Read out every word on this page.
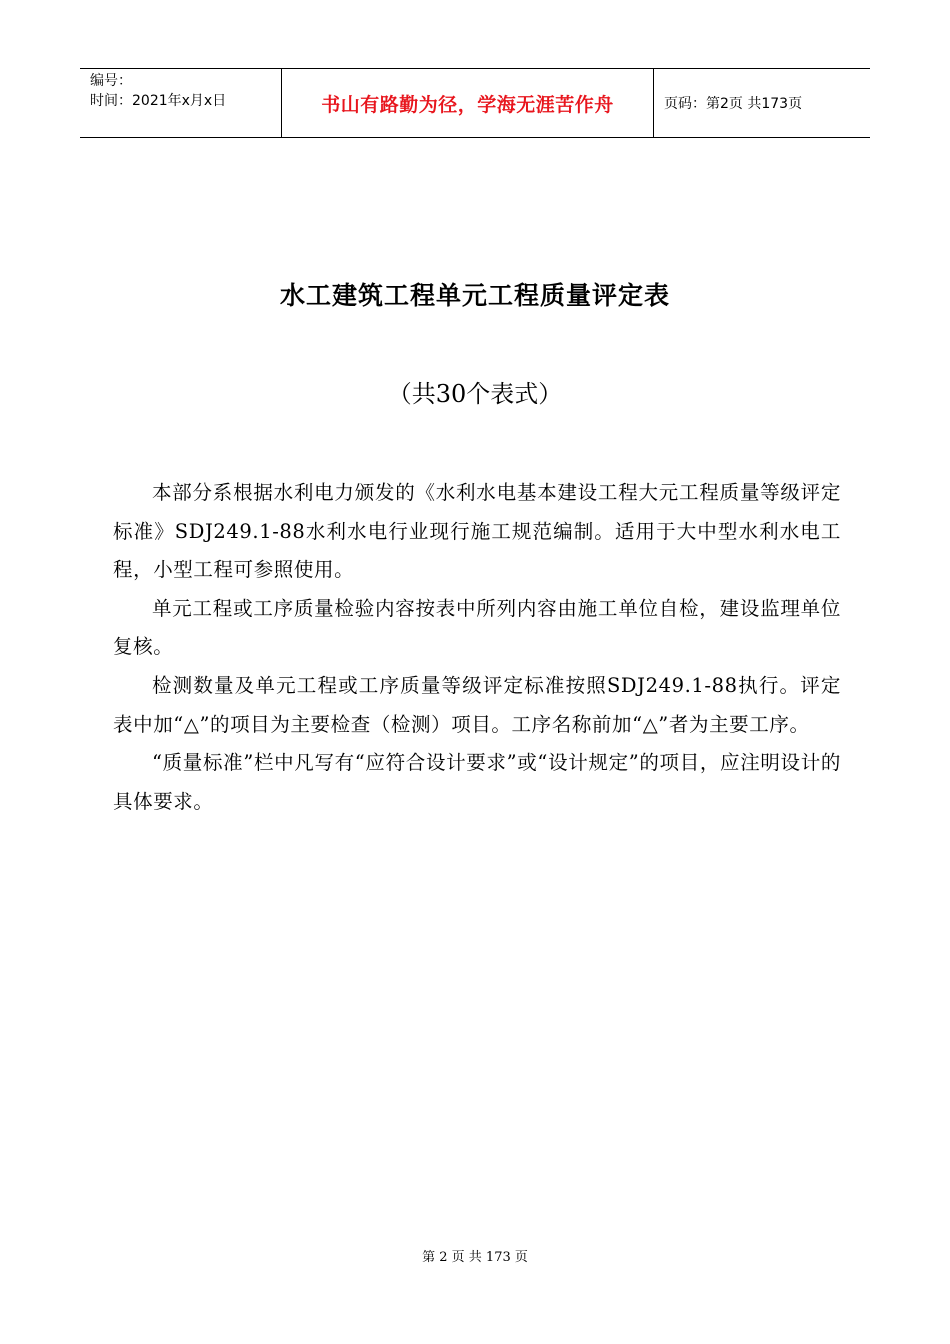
编号：
时间：2021年x月x日	书山有路勤为径，学海无涯苦作舟	页码：第2页 共173页
水工建筑工程单元工程质量评定表
（共30个表式）

本部分系根据水利电力颁发的《水利水电基本建设工程大元工程质量等级评定标准》SDJ249.1-88水利水电行业现行施工规范编制。适用于大中型水利水电工程，小型工程可参照使用。

单元工程或工序质量检验内容按表中所列内容由施工单位自检，建设监理单位复核。

检测数量及单元工程或工序质量等级评定标准按照SDJ249.1-88执行。评定表中加“△”的项目为主要检查（检测）项目。工序名称前加“△”者为主要工序。

“质量标准”栏中凡写有“应符合设计要求”或“设计规定”的项目，应注明设计的具体要求。

第 2 页 共 173 页
